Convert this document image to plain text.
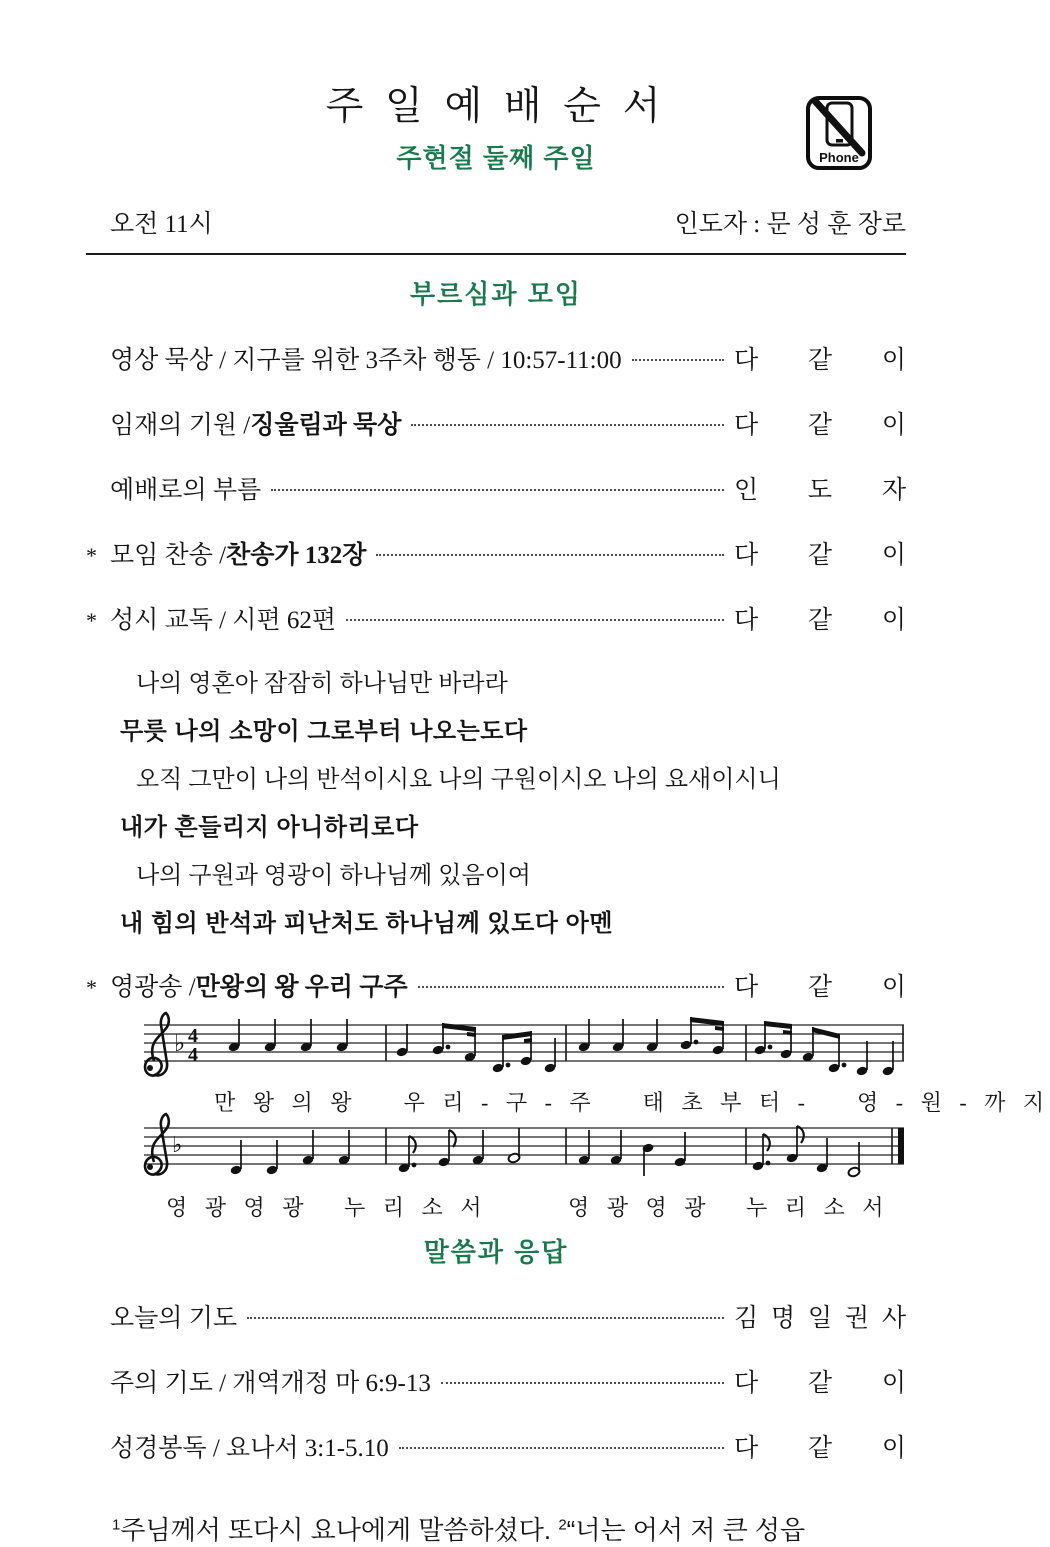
Phone
주 일 예 배 순 서
주현절 둘째 주일
오전 11시	인도자 : 문 성 훈 장로
부르심과 모임
영상 묵상 / 지구를 위한 3주차 행동 / 10:57-11:00	다 같 이
임재의 기원 / 징울림과 묵상	다 같 이
예배로의 부름	인 도 자
* 모임 찬송 / 찬송가 132장	다 같 이
* 성시 교독 / 시편 62편	다 같 이
나의 영혼아 잠잠히 하나님만 바라라
무릇 나의 소망이 그로부터 나오는도다
오직 그만이 나의 반석이시요 나의 구원이시오 나의 요새이시니
내가 흔들리지 아니하리로다
나의 구원과 영광이 하나님께 있음이여
내 힘의 반석과 피난처도 하나님께 있도다 아멘
* 영광송 / 만왕의 왕 우리 구주	다 같 이
♭ 4
4
만 왕 의 왕    우 리 - 구 - 주    태 초 부 터 -    영 - 원 - 까 지
♭
영 광 영 광   누 리 소 서       영 광 영 광   누 리 소 서
말씀과 응답
오늘의 기도	김 명 일 권 사
주의 기도 / 개역개정 마 6:9-13	다 같 이
성경봉독 / 요나서 3:1-5.10	다 같 이
$^1$주님께서 또다시 요나에게 말씀하셨다. $^2$“너는 어서 저 큰 성읍
